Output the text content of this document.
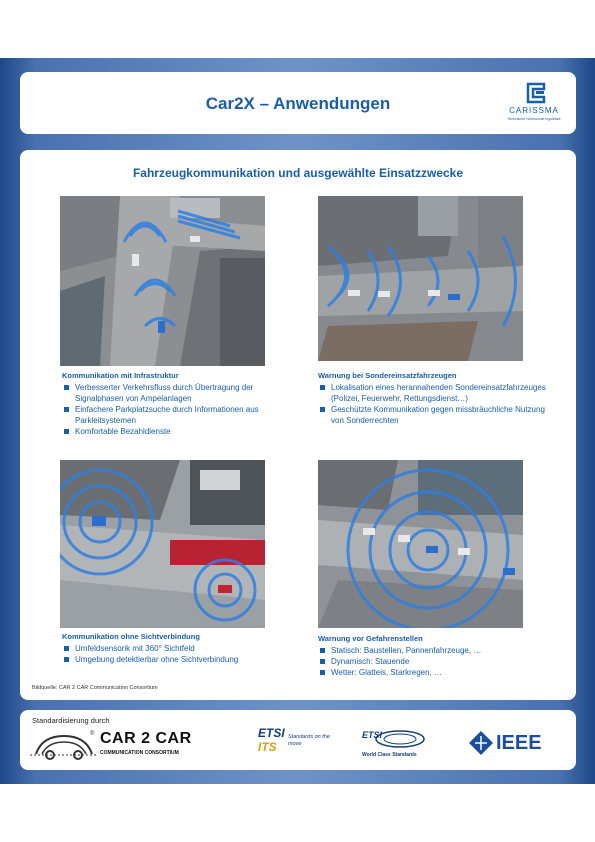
Car2X – Anwendungen	CARISSMA
Technische Hochschule Ingolstadt
Fahrzeugkommunikation und ausgewählte Einsatzzwecke
Kommunikation mit Infrastruktur
Verbesserter Verkehrsfluss durch Übertragung der Signalphasen von Ampelanlagen
Einfachere Parkplatzsuche durch Informationen aus Parkleitsystemen
Komfortable Bezahldienste
Warnung bei Sondereinsatzfahrzeugen
Lokalisation eines herannahenden Sondereinsatzfahrzeuges (Polizei, Feuerwehr, Rettungsdienst…)
Geschützte Kommunikation gegen missbräuchliche Nutzung von Sonderrechten
Kommunikation ohne Sichtverbindung
Umfeldsensorik mit 360° Sichtfeld
Umgebung detektierbar ohne Sichtverbindung
Warnung vor Gefahrenstellen
Statisch: Baustellen, Pannenfahrzeuge, …
Dynamisch: Stauende
Wetter: Glatteis, Starkregen, …
Bildquelle: CAR 2 CAR Communication Consortium
Standardisierung durch
® CAR 2 CAR
COMMUNICATION CONSORTIUM
ETSI
ITS
Standards on the move
ETSI
World Class Standards
IEEE
